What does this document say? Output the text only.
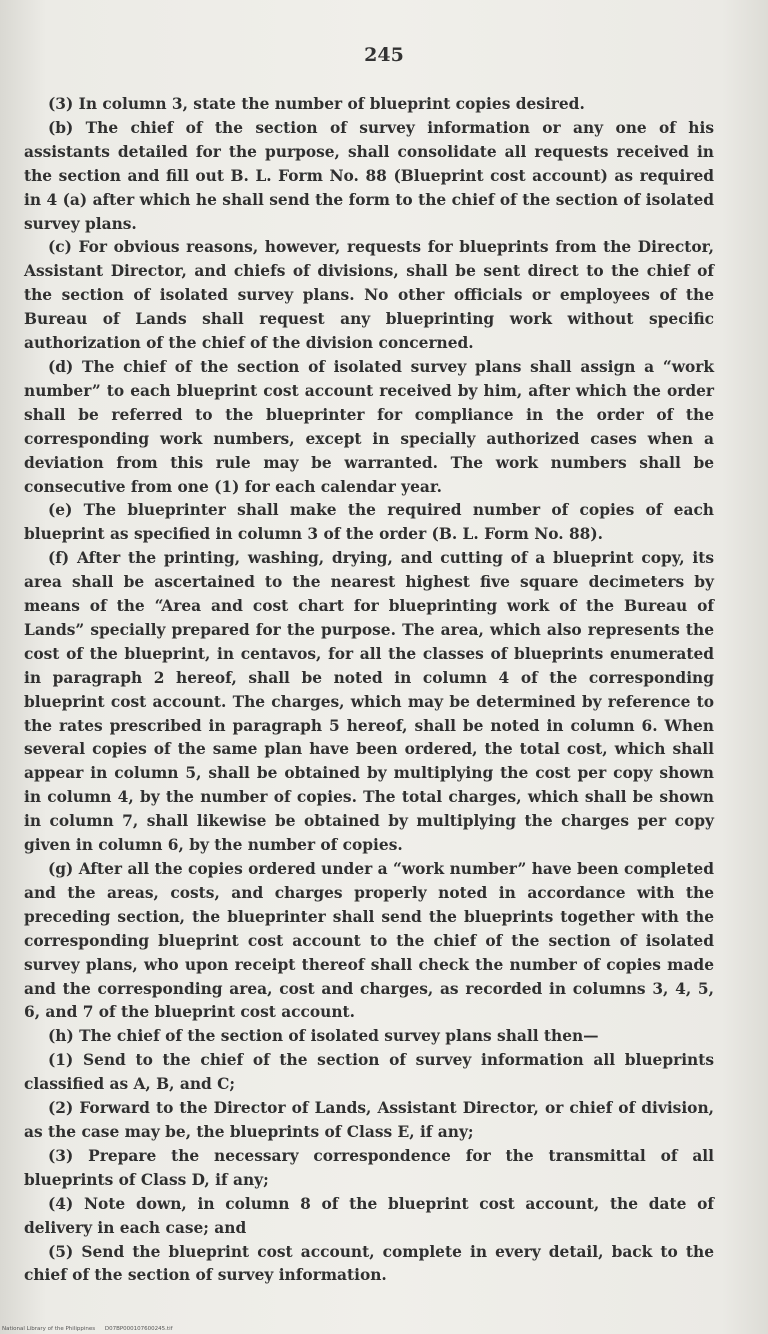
245

(3) In column 3, state the number of blueprint copies desired.

(b) The chief of the section of survey information or any one of his assistants detailed for the purpose, shall consolidate all requests received in the section and fill out B. L. Form No. 88 (Blueprint cost account) as required in 4 (a) after which he shall send the form to the chief of the section of isolated survey plans.

(c) For obvious reasons, however, requests for blueprints from the Director, Assistant Director, and chiefs of divisions, shall be sent direct to the chief of the section of isolated survey plans. No other officials or employees of the Bureau of Lands shall request any blueprinting work without specific authorization of the chief of the division concerned.

(d) The chief of the section of isolated survey plans shall assign a “work number” to each blueprint cost account received by him, after which the order shall be referred to the blueprinter for compliance in the order of the corresponding work numbers, except in specially authorized cases when a deviation from this rule may be warranted. The work numbers shall be consecutive from one (1) for each calendar year.

(e) The blueprinter shall make the required number of copies of each blueprint as specified in column 3 of the order (B. L. Form No. 88).

(f) After the printing, washing, drying, and cutting of a blueprint copy, its area shall be ascertained to the nearest highest five square decimeters by means of the “Area and cost chart for blueprinting work of the Bureau of Lands” specially prepared for the purpose. The area, which also represents the cost of the blueprint, in centavos, for all the classes of blueprints enumerated in paragraph 2 hereof, shall be noted in column 4 of the corresponding blueprint cost account. The charges, which may be determined by reference to the rates prescribed in paragraph 5 hereof, shall be noted in column 6. When several copies of the same plan have been ordered, the total cost, which shall appear in column 5, shall be obtained by multiplying the cost per copy shown in column 4, by the number of copies. The total charges, which shall be shown in column 7, shall likewise be obtained by multiplying the charges per copy given in column 6, by the number of copies.

(g) After all the copies ordered under a “work number” have been completed and the areas, costs, and charges properly noted in accordance with the preceding section, the blueprinter shall send the blueprints together with the corresponding blueprint cost account to the chief of the section of isolated survey plans, who upon receipt thereof shall check the number of copies made and the corresponding area, cost and charges, as recorded in columns 3, 4, 5, 6, and 7 of the blueprint cost account.

(h) The chief of the section of isolated survey plans shall then—

(1) Send to the chief of the section of survey information all blueprints classified as A, B, and C;

(2) Forward to the Director of Lands, Assistant Director, or chief of division, as the case may be, the blueprints of Class E, if any;

(3) Prepare the necessary correspondence for the transmittal of all blueprints of Class D, if any;

(4) Note down, in column 8 of the blueprint cost account, the date of delivery in each case; and

(5) Send the blueprint cost account, complete in every detail, back to the chief of the section of survey information.

National Library of the Philippines D07BP000107600245.tif
